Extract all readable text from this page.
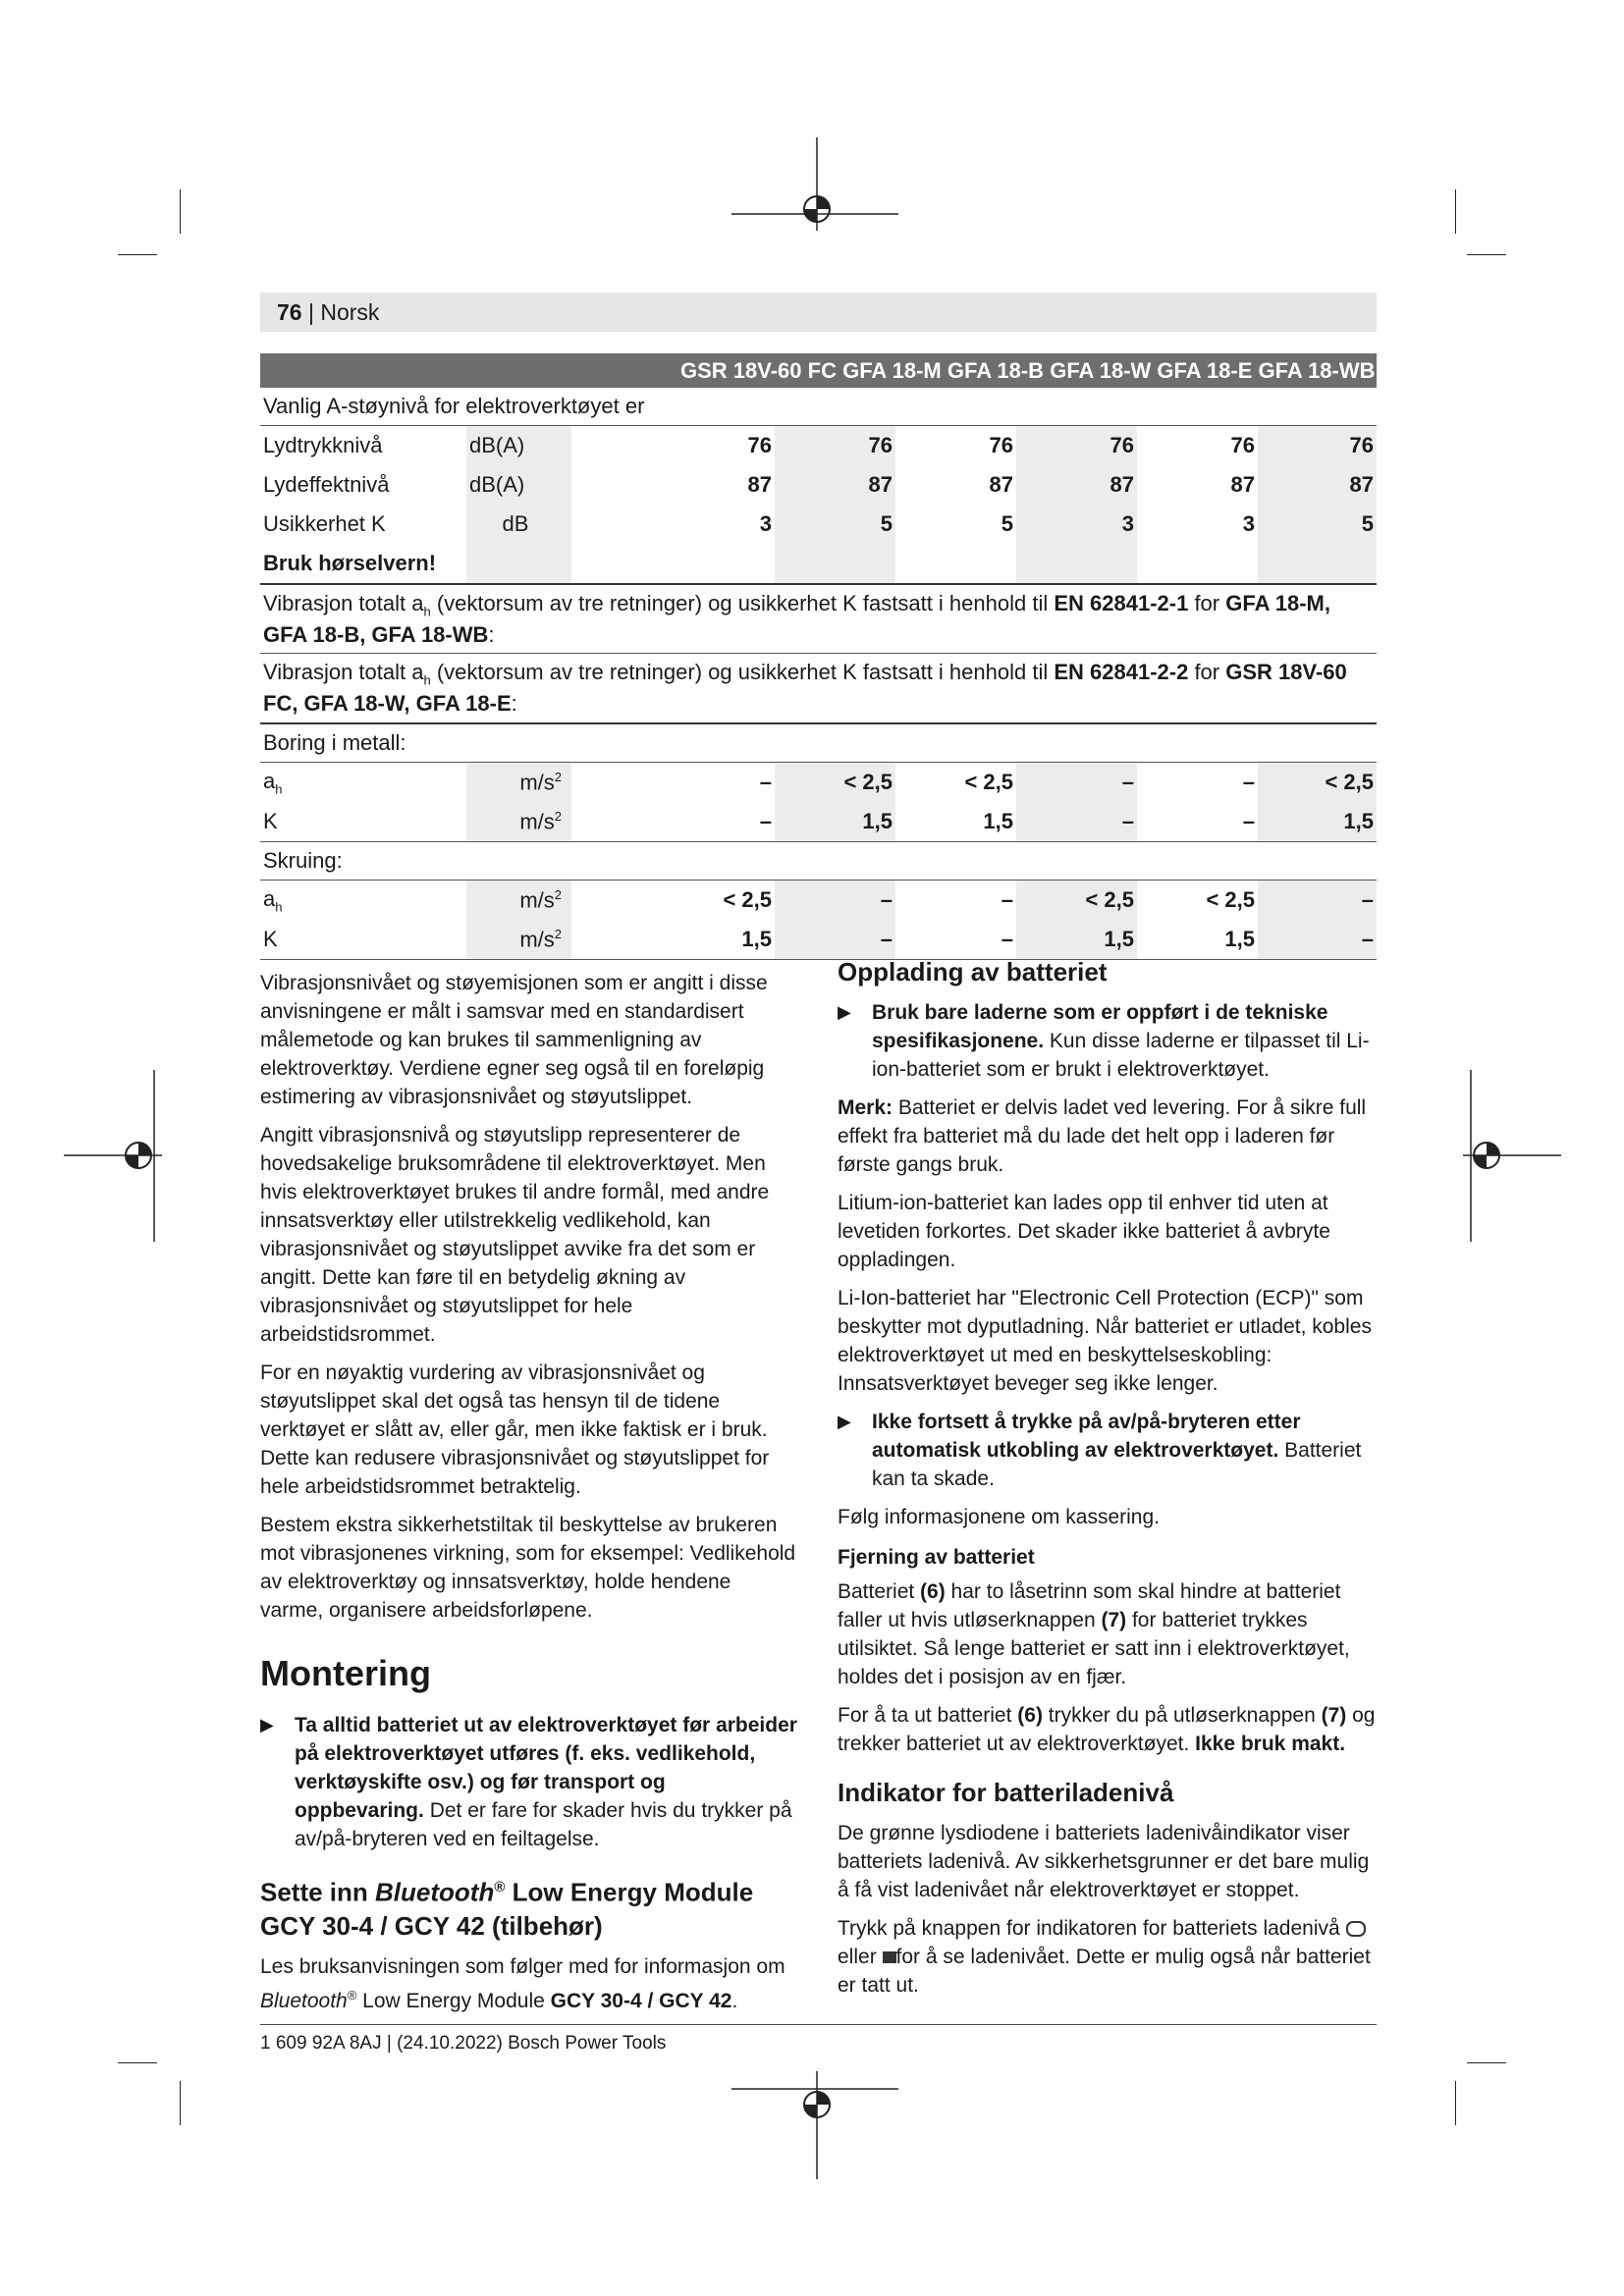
76 | Norsk
		GSR 18V-60 FC GFA 18-M GFA 18-B GFA 18-W GFA 18-E GFA 18-WB					
Vanlig A-støynivå for elektroverktøyet er							
Lydtrykknivå	dB(A)	76	76	76	76	76	76
Lydeffektnivå	dB(A)	87	87	87	87	87	87
Usikkerhet K	dB	3	5	5	3	3	5
Bruk hørselvern!							
Vibrasjon totalt $a_h$ (vektorsum av tre retninger) og usikkerhet K fastsatt i henhold til EN 62841-2-1 for GFA 18-M, GFA 18-B, GFA 18-WB:							
Vibrasjon totalt $a_h$ (vektorsum av tre retninger) og usikkerhet K fastsatt i henhold til EN 62841-2-2 for GSR 18V-60 FC, GFA 18-W, GFA 18-E:							
Boring i metall:							
$a_h$	$m/s^2$	–	< 2,5	< 2,5	–	–	< 2,5
K	$m/s^2$	–	1,5	1,5	–	–	1,5
Skruing:							
$a_h$	$m/s^2$	< 2,5	–	–	< 2,5	< 2,5	–
K	$m/s^2$	1,5	–	–	1,5	1,5	–

Vibrasjonsnivået og støyemisjonen som er angitt i disse anvisningene er målt i samsvar med en standardisert målemetode og kan brukes til sammenligning av elektroverktøy. Verdiene egner seg også til en foreløpig estimering av vibrasjonsnivået og støyutslippet.

Angitt vibrasjonsnivå og støyutslipp representerer de hovedsakelige bruksområdene til elektroverktøyet. Men hvis elektroverktøyet brukes til andre formål, med andre innsatsverktøy eller utilstrekkelig vedlikehold, kan vibrasjonsnivået og støyutslippet avvike fra det som er angitt. Dette kan føre til en betydelig økning av vibrasjonsnivået og støyutslippet for hele arbeidstidsrommet.

For en nøyaktig vurdering av vibrasjonsnivået og støyutslippet skal det også tas hensyn til de tidene verktøyet er slått av, eller går, men ikke faktisk er i bruk. Dette kan redusere vibrasjonsnivået og støyutslippet for hele arbeidstidsrommet betraktelig.

Bestem ekstra sikkerhetstiltak til beskyttelse av brukeren mot vibrasjonenes virkning, som for eksempel: Vedlikehold av elektroverktøy og innsatsverktøy, holde hendene varme, organisere arbeidsforløpene.

Montering
▶ Ta alltid batteriet ut av elektroverktøyet før arbeider på elektroverktøyet utføres (f. eks. vedlikehold, verktøyskifte osv.) og før transport og oppbevaring. Det er fare for skader hvis du trykker på av/på-bryteren ved en feiltagelse.
Sette inn Bluetooth® Low Energy Module GCY 30-4 / GCY 42 (tilbehør)

Les bruksanvisningen som følger med for informasjon om Bluetooth® Low Energy Module GCY 30-4 / GCY 42.

Opplading av batteriet
▶ Bruk bare laderne som er oppført i de tekniske spesifikasjonene. Kun disse laderne er tilpasset til Li-ion-batteriet som er brukt i elektroverktøyet.

Merk: Batteriet er delvis ladet ved levering. For å sikre full effekt fra batteriet må du lade det helt opp i laderen før første gangs bruk.

Litium-ion-batteriet kan lades opp til enhver tid uten at levetiden forkortes. Det skader ikke batteriet å avbryte oppladingen.

Li-Ion-batteriet har "Electronic Cell Protection (ECP)" som beskytter mot dyputladning. Når batteriet er utladet, kobles elektroverktøyet ut med en beskyttelseskobling: Innsatsverktøyet beveger seg ikke lenger.

▶ Ikke fortsett å trykke på av/på-bryteren etter automatisk utkobling av elektroverktøyet. Batteriet kan ta skade.

Følg informasjonene om kassering.

Fjerning av batteriet

Batteriet (6) har to låsetrinn som skal hindre at batteriet faller ut hvis utløserknappen (7) for batteriet trykkes utilsiktet. Så lenge batteriet er satt inn i elektroverktøyet, holdes det i posisjon av en fjær.

For å ta ut batteriet (6) trykker du på utløserknappen (7) og trekker batteriet ut av elektroverktøyet. Ikke bruk makt.

Indikator for batteriladenivå

De grønne lysdiodene i batteriets ladenivåindikator viser batteriets ladenivå. Av sikkerhetsgrunner er det bare mulig å få vist ladenivået når elektroverktøyet er stoppet.

Trykk på knappen for indikatoren for batteriets ladenivå  eller for å se ladenivået. Dette er mulig også når batteriet er tatt ut.

1 609 92A 8AJ | (24.10.2022) Bosch Power Tools
